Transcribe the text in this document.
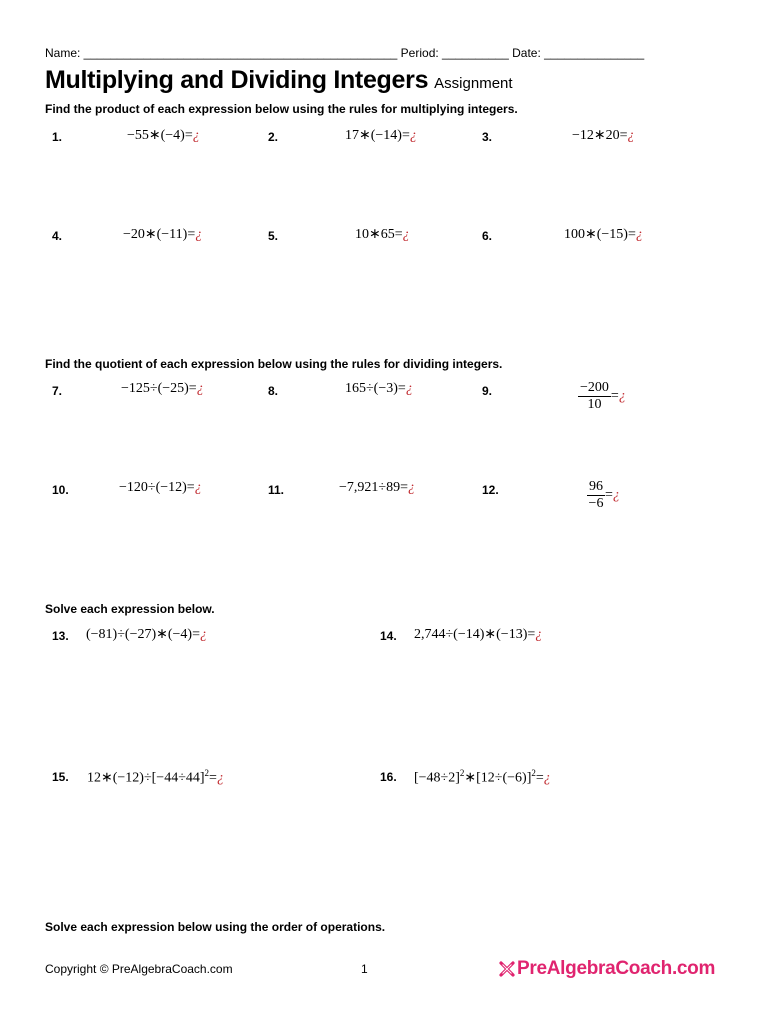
Name: _______________________________________________ Period: __________ Date: _______________
Multiplying and Dividing Integers Assignment
Find the product of each expression below using the rules for multiplying integers.
1.	−55∗(−4)=¿	2.	17∗(−14)=¿	3.	−12∗20=¿
4.	−20∗(−11)=¿	5.	10∗65=¿	6.	100∗(−15)=¿
Find the quotient of each expression below using the rules for dividing integers.
7.	−125÷(−25)=¿	8.	165÷(−3)=¿	9.	$\frac{-200}{10}$ =¿
10.	−120÷(−12)=¿	11.	−7,921÷89=¿	12.	$\frac{96}{-6}$ =¿
Solve each expression below.
13. (−81)÷(−27)∗(−4)=¿	14. 2,744÷(−14)∗(−13)=¿
15. $12∗(-12)\div[-44\div 44]^2=¿$	16. $[-48\div 2]^2∗[12\div(-6)]^2=¿$
Solve each expression below using the order of operations.
Copyright © PreAlgebraCoach.com	1	PreAlgebraCoach.com
